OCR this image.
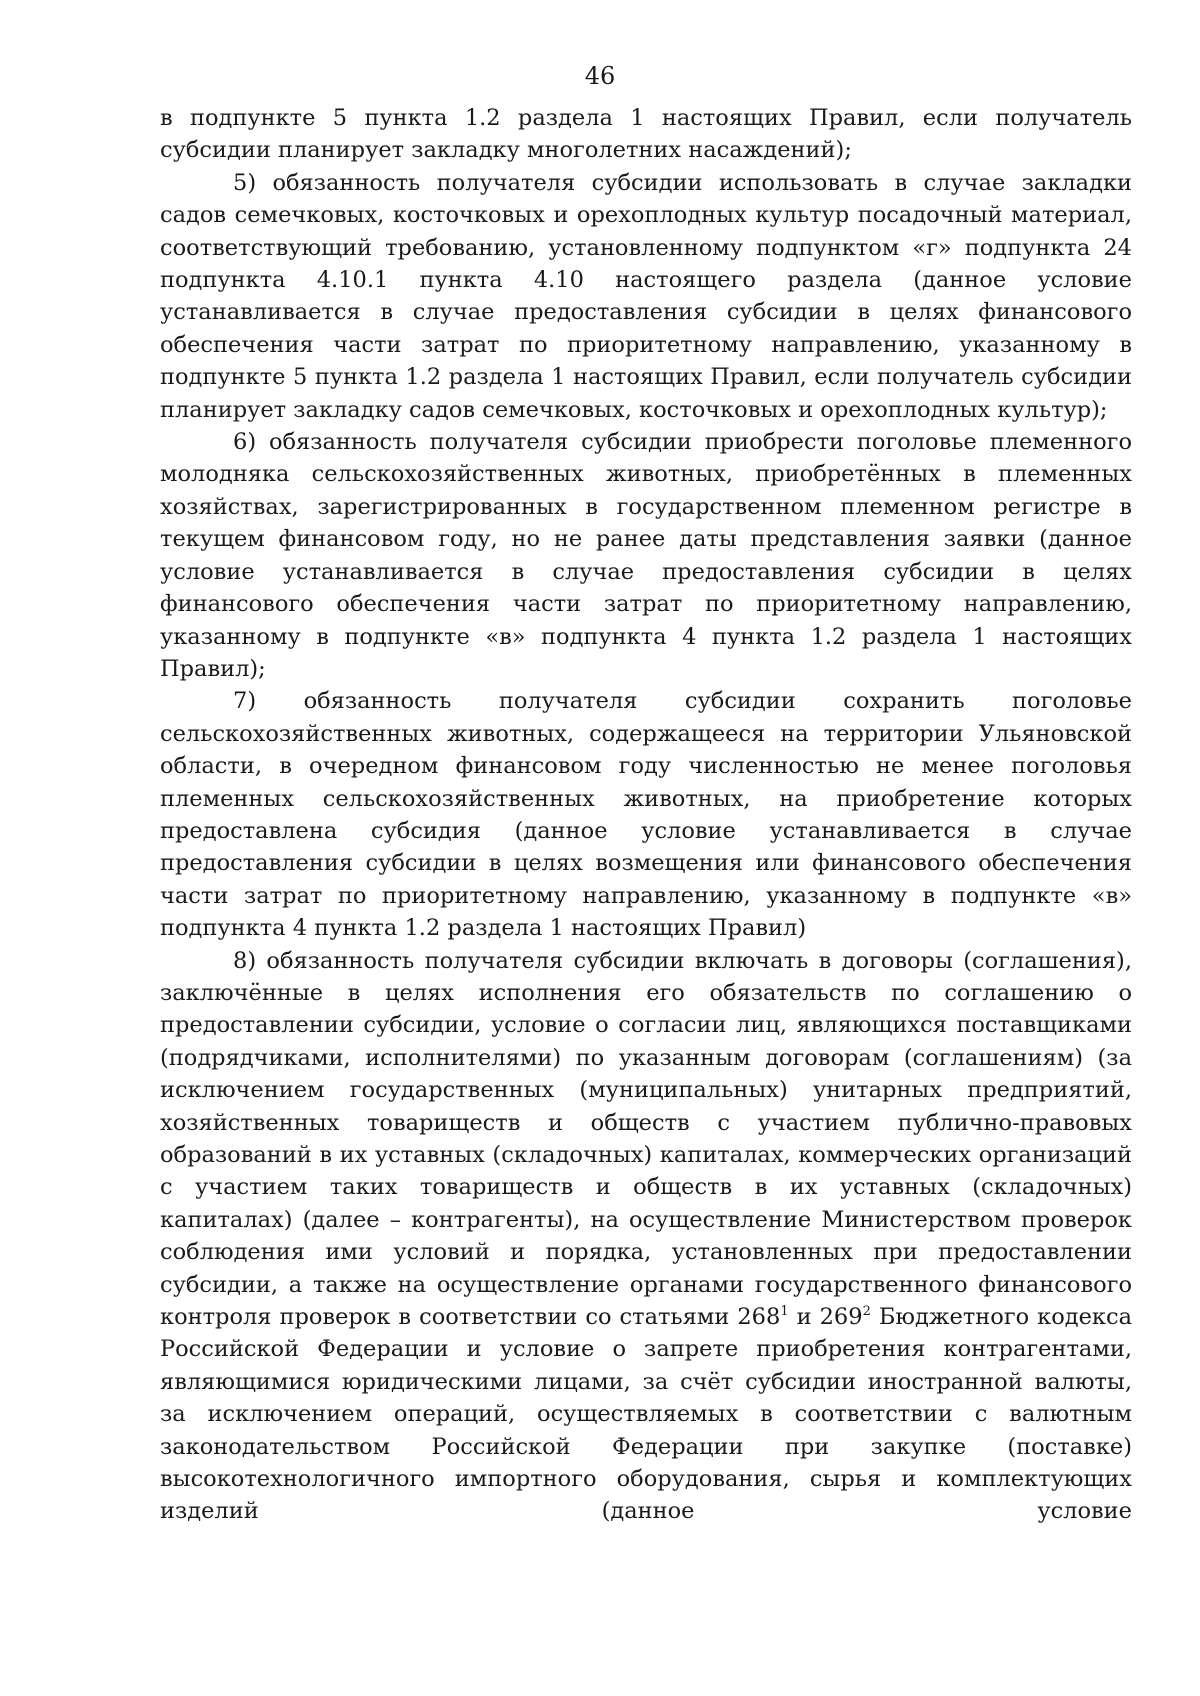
46

в подпункте 5 пункта 1.2 раздела 1 настоящих Правил, если получатель субсидии планирует закладку многолетних насаждений);

5) обязанность получателя субсидии использовать в случае закладки садов семечковых, косточковых и орехоплодных культур посадочный материал, соответствующий требованию, установленному подпунктом «г» подпункта 24 подпункта 4.10.1 пункта 4.10 настоящего раздела (данное условие устанавливается в случае предоставления субсидии в целях финансового обеспечения части затрат по приоритетному направлению, указанному в подпункте 5 пункта 1.2 раздела 1 настоящих Правил, если получатель субсидии планирует закладку садов семечковых, косточковых и орехоплодных культур);

6) обязанность получателя субсидии приобрести поголовье племенного молодняка сельскохозяйственных животных, приобретённых в племенных хозяйствах, зарегистрированных в государственном племенном регистре в текущем финансовом году, но не ранее даты представления заявки (данное условие устанавливается в случае предоставления субсидии в целях финансового обеспечения части затрат по приоритетному направлению, указанному в подпункте «в» подпункта 4 пункта 1.2 раздела 1 настоящих Правил);

7) обязанность получателя субсидии сохранить поголовье сельскохозяйственных животных, содержащееся на территории Ульяновской области, в очередном финансовом году численностью не менее поголовья племенных сельскохозяйственных животных, на приобретение которых предоставлена субсидия (данное условие устанавливается в случае предоставления субсидии в целях возмещения или финансового обеспечения части затрат по приоритетному направлению, указанному в подпункте «в» подпункта 4 пункта 1.2 раздела 1 настоящих Правил)

8) обязанность получателя субсидии включать в договоры (соглашения), заключённые в целях исполнения его обязательств по соглашению о предоставлении субсидии, условие о согласии лиц, являющихся поставщиками (подрядчиками, исполнителями) по указанным договорам (соглашениям) (за исключением государственных (муниципальных) унитарных предприятий, хозяйственных товариществ и обществ с участием публично-правовых образований в их уставных (складочных) капиталах, коммерческих организаций с участием таких товариществ и обществ в их уставных (складочных) капиталах) (далее – контрагенты), на осуществление Министерством проверок соблюдения ими условий и порядка, установленных при предоставлении субсидии, а также на осуществление органами государственного финансового контроля проверок в соответствии со статьями $268^1$ и $269^2$ Бюджетного кодекса Российской Федерации и условие о запрете приобретения контрагентами, являющимися юридическими лицами, за счёт субсидии иностранной валюты, за исключением операций, осуществляемых в соответствии с валютным законодательством Российской Федерации при закупке (поставке) высокотехнологичного импортного оборудования, сырья и комплектующих изделий (данное условие
